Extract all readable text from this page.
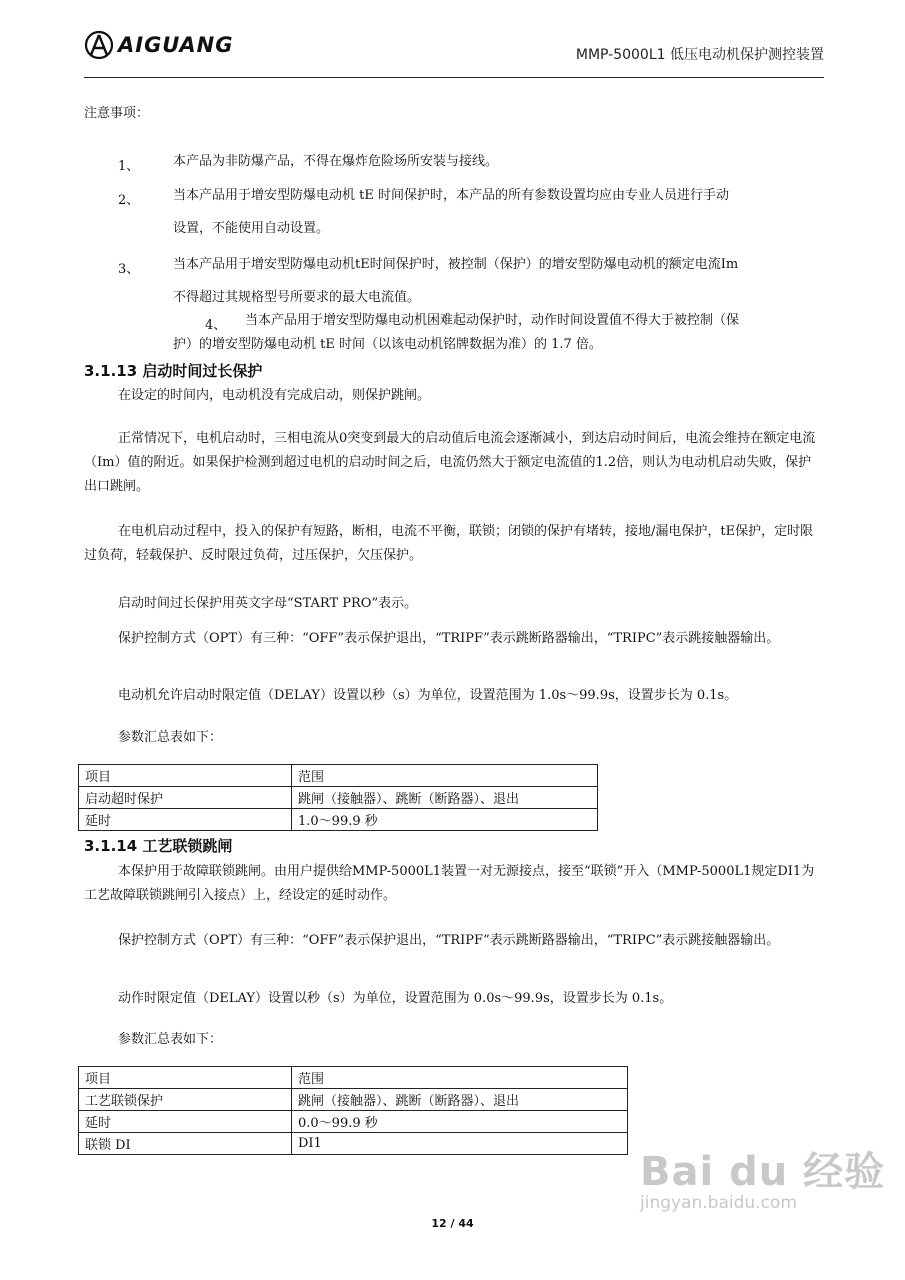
AIGUANG	MMP-5000L1 低压电动机保护测控装置
注意事项：
1、	本产品为非防爆产品，不得在爆炸危险场所安装与接线。
2、	当本产品用于增安型防爆电动机 tE 时间保护时，本产品的所有参数设置均应由专业人员进行手动
设置，不能使用自动设置。
3、	当本产品用于增安型防爆电动机tE时间保护时，被控制（保护）的增安型防爆电动机的额定电流Im
不得超过其规格型号所要求的最大电流值。
4、 当本产品用于增安型防爆电动机困难起动保护时，动作时间设置值不得大于被控制（保
护）的增安型防爆电动机 tE 时间（以该电动机铭牌数据为准）的 1.7 倍。
3.1.13 启动时间过长保护
在设定的时间内，电动机没有完成启动，则保护跳闸。
正常情况下，电机启动时，三相电流从0突变到最大的启动值后电流会逐渐减小，到达启动时间后，电流会维持在额定电流（Im）值的附近。如果保护检测到超过电机的启动时间之后，电流仍然大于额定电流值的1.2倍，则认为电动机启动失败，保护出口跳闸。
在电机启动过程中，投入的保护有短路，断相，电流不平衡，联锁；闭锁的保护有堵转，接地/漏电保护，tE保护，定时限过负荷，轻载保护、反时限过负荷，过压保护，欠压保护。
启动时间过长保护用英文字母“START PRO”表示。
保护控制方式（OPT）有三种：“OFF”表示保护退出，“TRIPF”表示跳断路器输出，“TRIPC”表示跳接触器输出。
电动机允许启动时限定值（DELAY）设置以秒（s）为单位，设置范围为 1.0s～99.9s，设置步长为 0.1s。
参数汇总表如下：
项目	范围
启动超时保护	跳闸（接触器）、跳断（断路器）、退出
延时	1.0～99.9 秒
3.1.14 工艺联锁跳闸
本保护用于故障联锁跳闸。由用户提供给MMP-5000L1装置一对无源接点，接至“联锁”开入（MMP-5000L1规定DI1为工艺故障联锁跳闸引入接点）上，经设定的延时动作。
保护控制方式（OPT）有三种：“OFF”表示保护退出，“TRIPF”表示跳断路器输出，“TRIPC”表示跳接触器输出。
动作时限定值（DELAY）设置以秒（s）为单位，设置范围为 0.0s～99.9s，设置步长为 0.1s。
参数汇总表如下：
项目	范围
工艺联锁保护	跳闸（接触器）、跳断（断路器）、退出
延时	0.0～99.9 秒
联锁 DI	DI1
Bai du 经验
jingyan.baidu.com
12 / 44
